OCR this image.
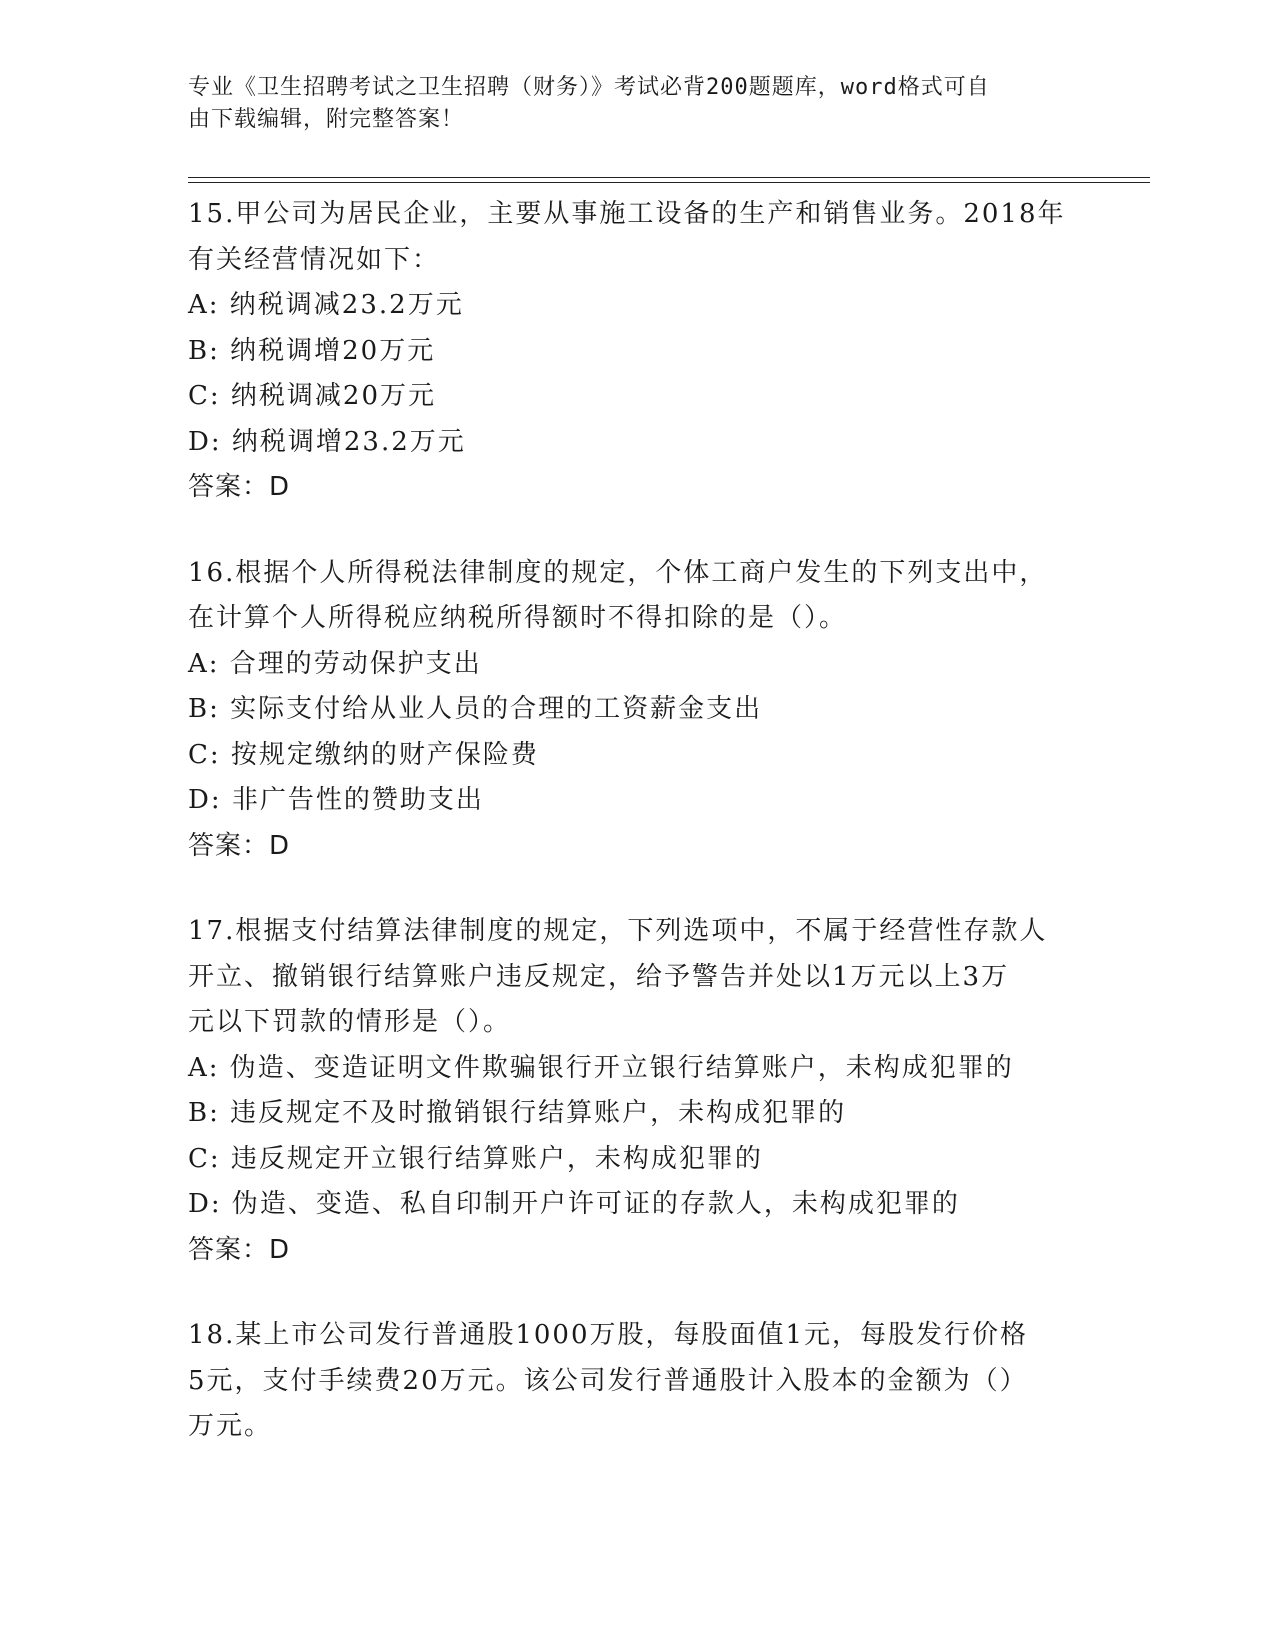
专业《卫生招聘考试之卫生招聘（财务）》考试必背200题题库，word格式可自
由下载编辑，附完整答案！
15.甲公司为居民企业，主要从事施工设备的生产和销售业务。2018年
有关经营情况如下：
A: 纳税调减23.2万元
B: 纳税调增20万元
C: 纳税调减20万元
D: 纳税调增23.2万元
答案：D
16.根据个人所得税法律制度的规定，个体工商户发生的下列支出中，
在计算个人所得税应纳税所得额时不得扣除的是（）。
A: 合理的劳动保护支出
B: 实际支付给从业人员的合理的工资薪金支出
C: 按规定缴纳的财产保险费
D: 非广告性的赞助支出
答案：D
17.根据支付结算法律制度的规定，下列选项中，不属于经营性存款人
开立、撤销银行结算账户违反规定，给予警告并处以1万元以上3万
元以下罚款的情形是（）。
A: 伪造、变造证明文件欺骗银行开立银行结算账户，未构成犯罪的
B: 违反规定不及时撤销银行结算账户，未构成犯罪的
C: 违反规定开立银行结算账户，未构成犯罪的
D: 伪造、变造、私自印制开户许可证的存款人，未构成犯罪的
答案：D
18.某上市公司发行普通股1000万股，每股面值1元，每股发行价格
5元，支付手续费20万元。该公司发行普通股计入股本的金额为（）
万元。
